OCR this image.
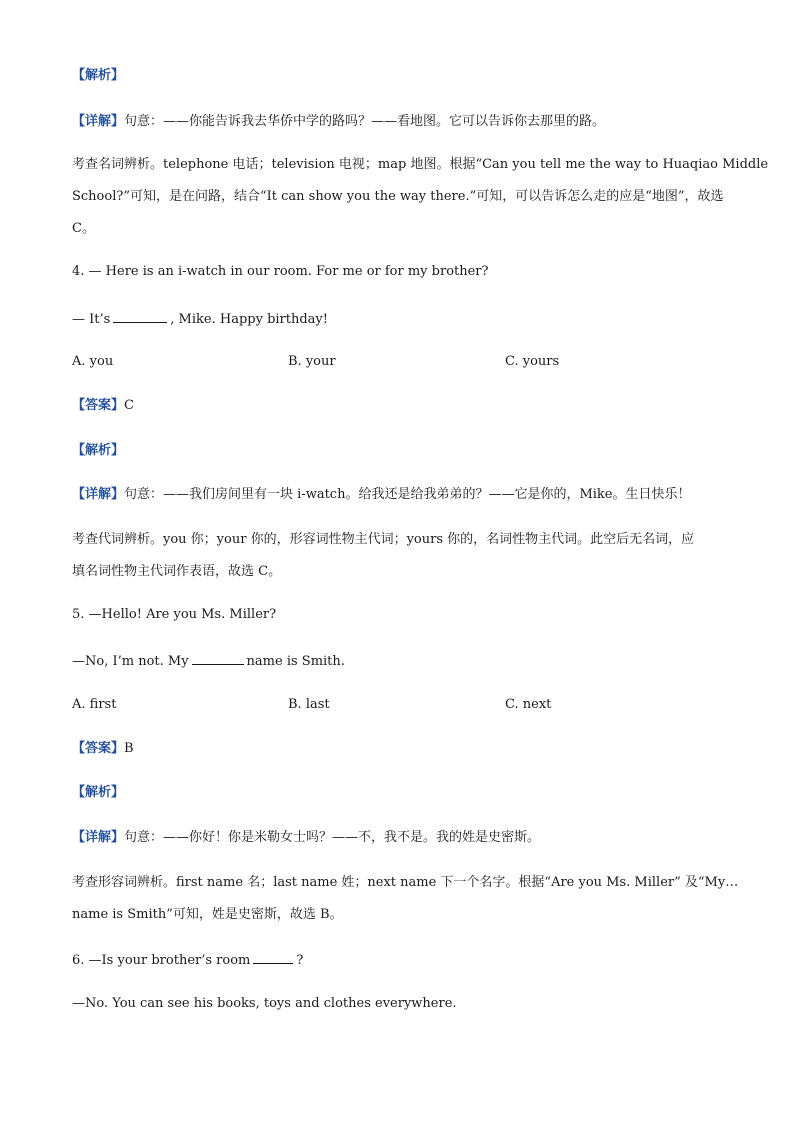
【解析】
【详解】句意：——你能告诉我去华侨中学的路吗？——看地图。它可以告诉你去那里的路。
考查名词辨析。telephone 电话；television 电视；map 地图。根据“Can you tell me the way to Huaqiao Middle
School?”可知，是在问路，结合“It can show you the way there.”可知，可以告诉怎么走的应是“地图”，故选
C。
4. — Here is an i-watch in our room. For me or for my brother?
— It’s	, Mike. Happy birthday!
A. you	B. your	C. yours
【答案】C
【解析】
【详解】句意：——我们房间里有一块 i-watch。给我还是给我弟弟的？——它是你的，Mike。生日快乐！
考查代词辨析。you 你；your 你的，形容词性物主代词；yours 你的，名词性物主代词。此空后无名词，应
填名词性物主代词作表语，故选 C。
5. —Hello! Are you Ms. Miller?
—No, I’m not. My	name is Smith.
A. first	B. last	C. next
【答案】B
【解析】
【详解】句意：——你好！你是米勒女士吗？——不，我不是。我的姓是史密斯。
考查形容词辨析。first name 名；last name 姓；next name 下一个名字。根据“Are you Ms. Miller” 及“My…
name is Smith”可知，姓是史密斯，故选 B。
6. —Is your brother’s room	?
—No. You can see his books, toys and clothes everywhere.
